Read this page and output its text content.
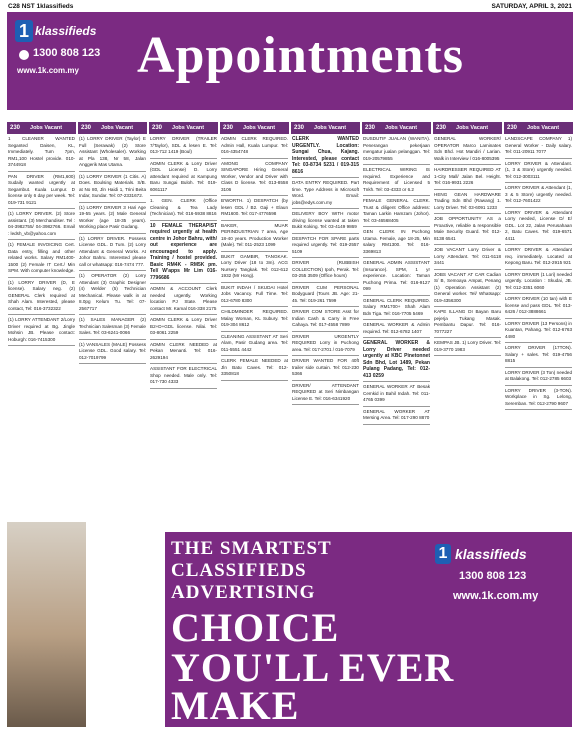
C28 NST 1klassifieds	SATURDAY, APRIL 3, 2021
1 klassifieds
1300 808 123
www.1k.com.my Appointments
230 Jobs Vacant
1 CLEANER WANTED Seganted Daisen, KL, Immediately. Tum 7pm, RM1,100 Hostel provide. 010-3744918
PAN DRIVER (RM1,600) Sudaily wanted urgently at Segambut. Kuala Lumpur. D license only 6 day per week. Tel: 019-731 9121
(1) LORRY DRIVER. (2) Store assistant. (3) Merchandiser. Tel : 04-3982755/ 04-3982766. Email : ledsh_vb@yahoo.com
(1) FEMALE INVOICING Cert. Data entry, filling and other related works. Salary RM1400-1500 (2) Female IT Cert./ Min SPM. With computer knowledge.
(1) LORRY DRIVER (D, E license). Salary neg. (2) GENERAL Clerk required at Shah Alam. Interested, please contact, Tel: 016-3732322
(1) LORRY ATTENDANT 2/Lorry Driver required at Bg. Jingle Mohsin JB. Please contact: Hoburgh: 016-7415300
230 Jobs Vacant
(1) LORRY DRIVER (Taylor) E Full (Serawak) (2) Store Assistant (Wholesaler). Working at Pla 138, Nr 58, Jalan Anggerik Mas Utama.
(1) LORRY DRIVER (1 Citis. A) Does. Boulsing Materials. S/B. at No 80, Jln Haidi 1, Trini Beita Indar, Sundar. Tel: 07-2331672.
(1) LORRY DRIVER 3 Hari Age 19-55 years. (2) Male General Worker (age 18-35 years). Working place Pasir Gudang.
(1) LORRY DRIVER. Possess License GDL. D Tum. (2) Lorry Attendant & General Works. At Johor Bahru. Interested please call or whatsapp: 016-7474 777.
(1) OPERATOR (2) Lorry Attendant (3) Graphic Designer (4) Welder (5) Technician Mechanical. Please walk in at 8.0pg Kelum Tu. Tel: 07-2567717
(1) SALES MANAGER (2) Technician Salesman (3) Female Sales. Tel: 03-6241-0066
(1) VANSALES (MALE) Possess License GDL. Good salary. Tel: 012-7019799
230 Jobs Vacant
LORRY DRIVER (TRAILER 7/Taylor), SDL & lesen E. Tel: 013-712 1419 (Boul)
ADMIN CLERK & Lorry Driver (GDL License) D. Lorry attendant required at Kampung Baru Sungai Buloh. Tel: 019-6061117
1. GEN. CLERK (Office Cleaning & Tea Lady (Technician). Tel: 016-5938 8816
10 FEMALE THERAPIST required urgently at health centre in Johor Bahru, with/ out experience are encouraged to apply. Training / hostel provided. Basic RM4K - RM5K pm. Tel/ W'apps Mr Lim 016-7796686
ADMIN & ACCOUNT Clerk needed urgently. Working location PJ State. Please contact Mr. Kamal 016-338 2175
ADMIN CLERK & Lorry Driver B2+D+GDL license. Nilai. Tel: 03-8061 2259
ADMIN CLERK NEEDED at Pekan Menanti. Tel: 016-2629194
ASSISTANT FOR ELECTRICAL Shop needed. Male only. Tel: 017-730 4333
230 Jobs Vacant
ADMIN CLERK REQUIRED. Admin Hall, Kuala Lumpur. Tel: 016-4354748
AMONG COMPANY SINGAPORE Hiring General Worker, Vendor and Driver with Class D license. Tel: 013-8558 3106
B'WORTH. 1) DESPATCH (by lesen GDL / B2. Gaji + Elaun RM1600. Tel: 017-4776598
BAKER, MUAR PERINDUSTRIAN 7 area, Age 18-40 years. Production Worker (Male). Tel: 011-2523 1099
BUKIT GAMBIR, TANGKAK. Lorry Driver (18 to 3m). ACG Nursery Tangkak. Tel: 012-612 1932 (Mr Hong).
BUKIT INDAH / SKUDAI Hotel Jobs Vacancy. Full Time. Tel: 012-6780 8300
CHILDMINDER REQUIRED. Malay Woman, KL Subury. Tel: 019-304 8612
CLEANING ASSISTANT AT Seri Alam, Pasir Gudang area. Tel: 011-5551 4442
CLERK FEMALE NEEDED at Jln Batu Caves. Tel: 012-3350818
230 Jobs Vacant
CLERK WANTED URGENTLY. Location: Sungai Chua, Kajang. Interested, please contact Tel: 03-8734 5231 / 019-315 8616
DATA ENTRY REQUIRED. Part time. Type Address in Microsoft Word. Email: jobs@edys.com.my
DELIVERY BOY WITH motor driving license wanted at taken Bukit Koking. Tel: 03-4149 9869
DESPATCH FOR SPARE parts required urgently. Tel: 019-2557 5109
DRIVER (RUBBISH COLLECTION) Ipoh, Perak. Tel: 03-255 3509 (Office hours)
DRIVER CUM PERSONAL Bodyguard (Tours JB. Age: 21-45. Tel: 019-261 7599
DRIVER COM STORE Asst for Indian Cash & Carry in Free Cahaya. Tel: 017-4558 7899
DRIVER URGENTLY REQUIRED Lorry in Puchong area. Tel: 017-2701 / 016-7079
DRIVER WANTED FOR 40ft trailer side curtain. Tel: 012-230 5366
DRIVER/ ATTENDANT REQUIRED at Seri Nimbangan License E. Tel: 016-6341920
230 Jobs Vacant
DUSDUTIF JUALAN (WANITA). Penerangan pekerjaan mengatur jualan pelanggan. Tel: 019-20579855
ELECTRICAL WIRING IS required. Experience and Requirement of Licensed 5 Tnkh. Tel: 03-4333 or 6.2
FEMALE GENERAL CLERK. Trust & diligent Office address: Taman Larkin Hamzam (Johor). Tel: 03-46568405
GEN CLERK IN Puchong Utama. Female, age 18-25, Min salary RM1300. Tel: 016-3369813
GENERAL ADMIN ASSISTANT (Insurance). SPM, 1 yr experience. Location: Taman Puchong Prima. Tel: 016-9127 099
GENERAL CLERK REQUIRED. Salary RM1700+ Shah Alam Bdn Tiga. Tel: 016-7705 5469
GENERAL WORKER & Admin required. Tel: 012-6782 1407
GENERAL WORKER & Lorry Driver needed urgently at KBC Pinetonnet Sdn Bhd, Lot 1489, Pekan Pulang Padang, Tel: 012-413 0259
GENERAL WORKER AT Besak Cemkid in Bahil Indah. Tel: 011-4765 0399
GENERAL WORKER AT Mersing Area. Tel: 017-290 8870
230 Jobs Vacant
GENERAL WORKER/ OPERATOR Marco Laminates Sdn Bhd. Hot Mandiri / Larian. Walk in Interview / 016-8005395
HAIRDRESSER REQUIRED AT 1-City Mall/ Jalan Bel. Height. Tel: 016-9931 2226
HENG GEAN HARDWARE Trading Sdn Bhd (Rawang) 1. Lorry Driver. Tel: 03-6091 1233
JOB OPPORTUNITY AS a Proactive, reliable & responsible Male Security Guard. Tel: 012-8138 6541
JOB VACANT Lorry Driver & Lorry Attendant. Tel: 011-5118 3441
JOBS VACANT AT CAR Cadian S/ B, Semoaya Ampat, Penang (1) Operation Assistant (2) General worker. Tel/ Whatsapp: 019-4356300
KAPE ILLANG DI Bayan Baru pejerja Tukang Masak. Pembantu Dapur. Tel: 016-7077227
KEMPAS JB. 1) Lorry Driver. Tel: 019-3770 1983
230 Jobs Vacant
LANDSCAPE COMPANY 1) General Worker - Daily salary. Tel: 011-20911 7077
LORRY DRIVER & Attendant. (1, 3 & Store) urgently needed. Tel: 012-3003111
LORRY DRIVER & Attendant (1, 3 & 5 Store) urgently needed. Tel: 012-7601422
LORRY DRIVER & Attendant Lorry needed, License D/ E/ GDL. Lot 22, Jalan Perusahaan 2, Batu Caves. Tel: 019-6571 4411
LORRY DRIVER & Attendant req. immediately. Located at Kepong Baru. Tel: 012-2915 921
LORRY DRIVER (1 Lori) needed urgently. Location : Skudai, JB. Tel: 012-3351 6060
LORRY DRIVER (10 tan) with E license and pass GDL. Tel: 013-6426 / 012-3888661
LORRY DRIVER (13 Persons) in Kuantan, Pahang. Tel: 012-6763 4480
LORRY DRIVER (17TON). Salary + sales. Tel: 019-4756 8815
LORRY DRIVER (3 Ton) needed at Balakong. Tel: 012-2785 6603
LORRY DRIVER (3-TON). Workplace in Sg. Lelong, Seremban. Tel: 012-2790 9607
THE SMARTEST
CLASSIFIEDS
ADVERTISING
CHOICE
YOU'LL EVER
MAKE
1 klassifieds
1300 808 123
www.1k.com.my
